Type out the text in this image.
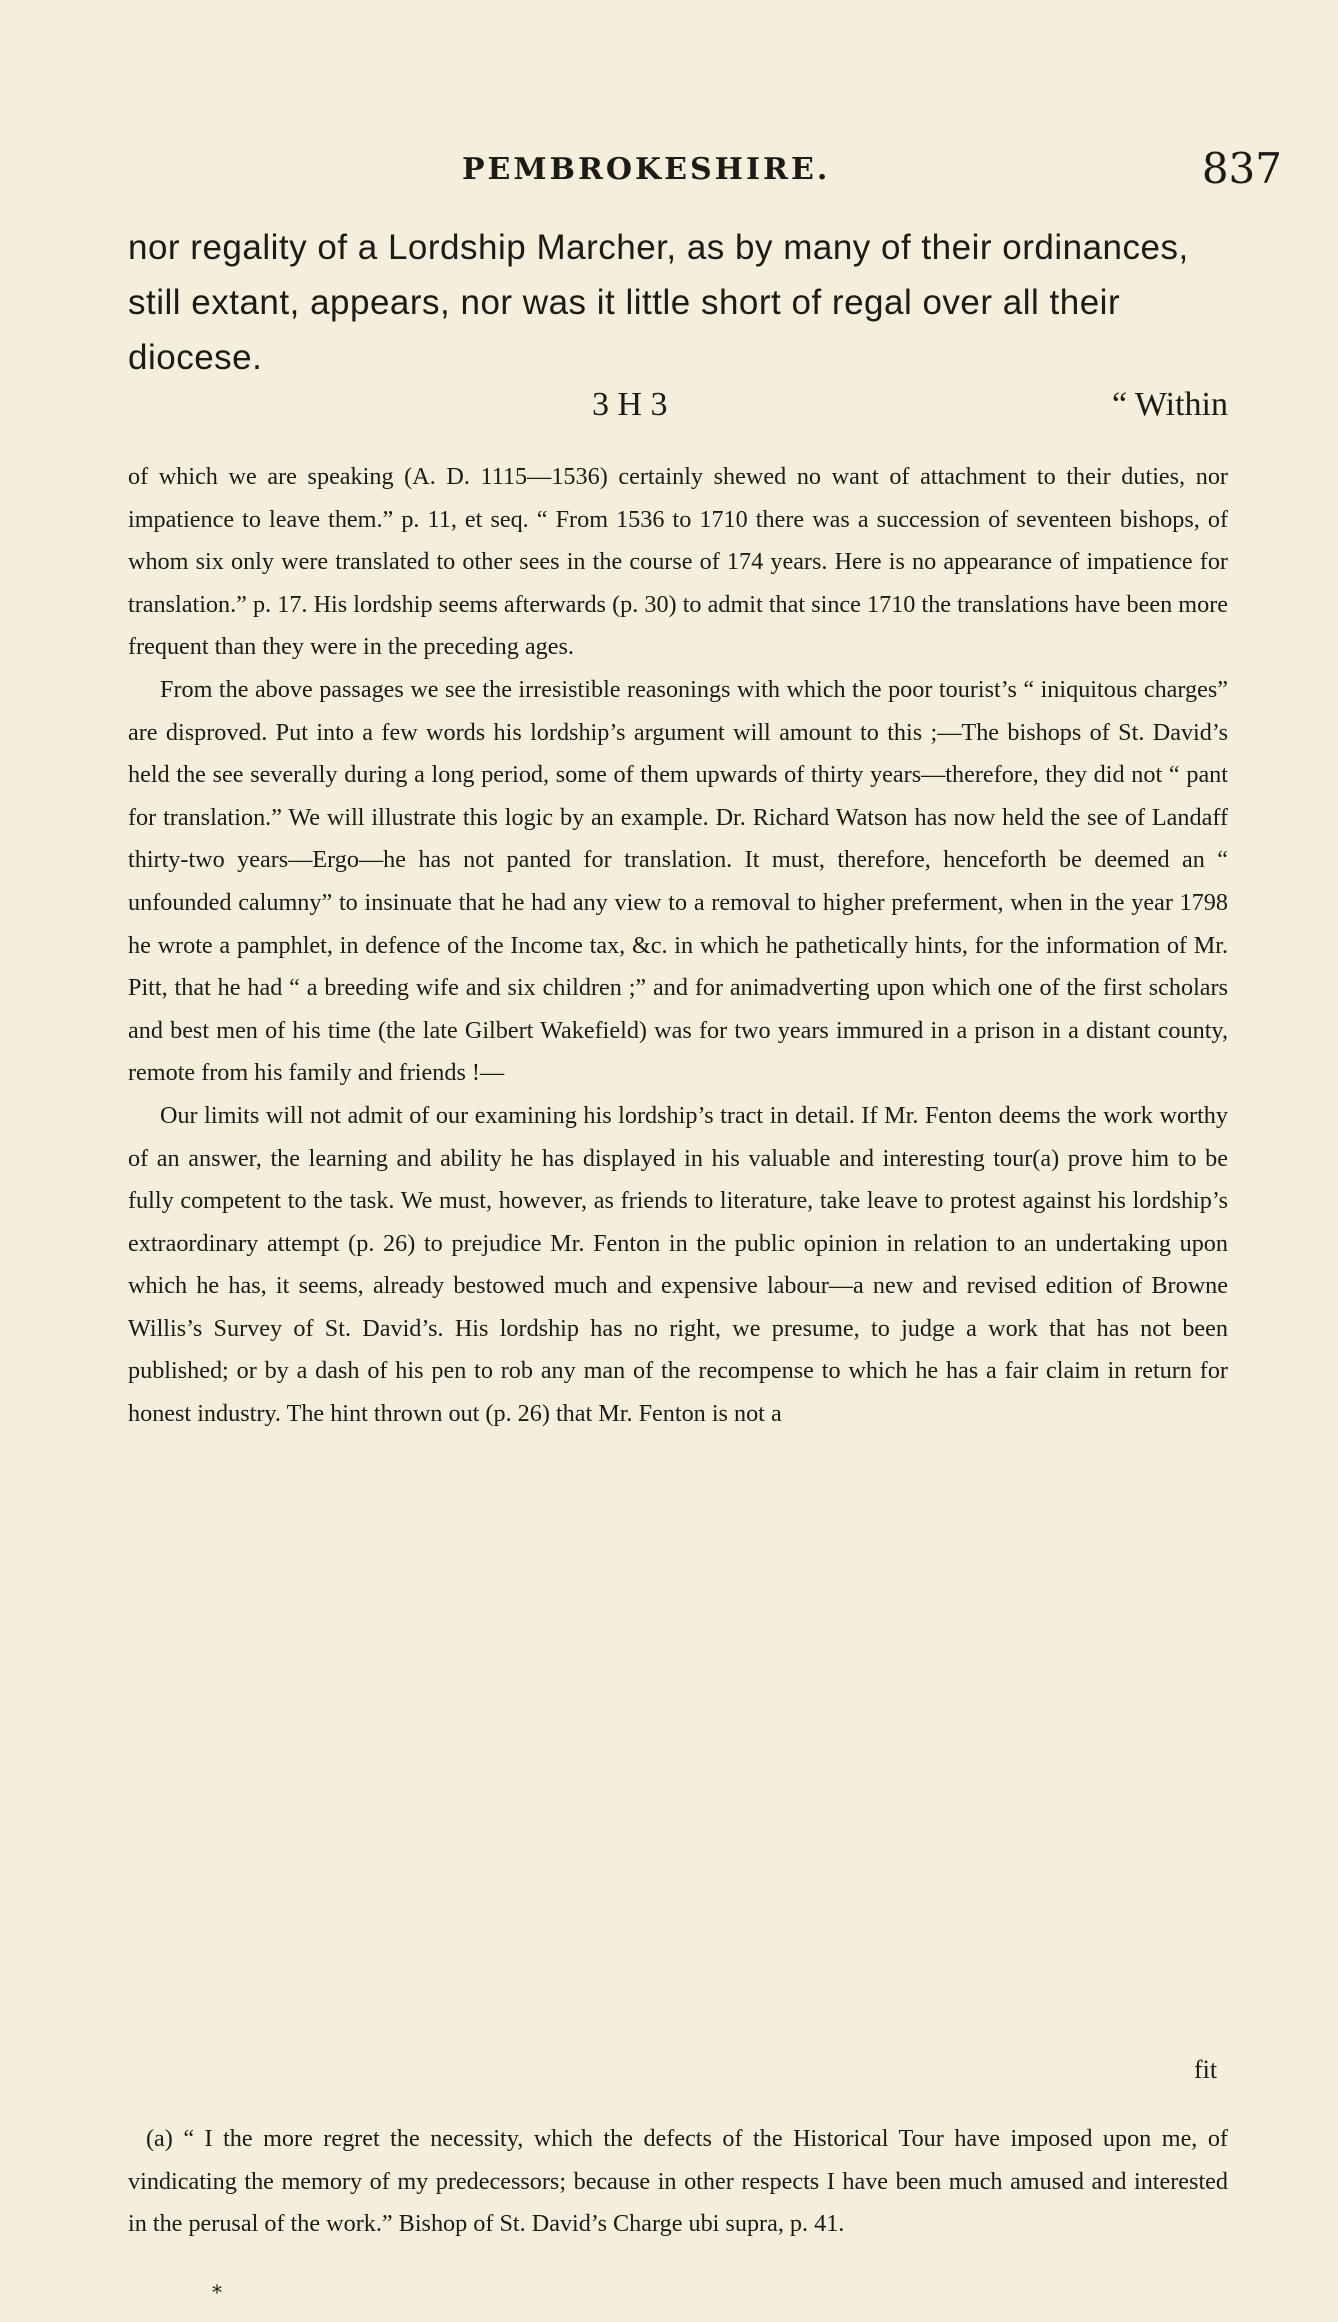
PEMBROKESHIRE.	837

nor regality of a Lordship Marcher, as by many of their ordinances, still extant, appears, nor was it little short of regal over all their diocese.

3 H 3	“ Within

of which we are speaking (A. D. 1115—1536) certainly shewed no want of attachment to their duties, nor impatience to leave them.” p. 11, et seq. “ From 1536 to 1710 there was a succession of seventeen bishops, of whom six only were translated to other sees in the course of 174 years. Here is no appearance of impatience for translation.” p. 17. His lordship seems afterwards (p. 30) to admit that since 1710 the translations have been more frequent than they were in the preceding ages.

From the above passages we see the irresistible reasonings with which the poor tourist’s “ iniquitous charges” are disproved. Put into a few words his lordship’s argument will amount to this ;—The bishops of St. David’s held the see severally during a long period, some of them upwards of thirty years—therefore, they did not “ pant for translation.” We will illustrate this logic by an example. Dr. Richard Watson has now held the see of Landaff thirty-two years—Ergo—he has not panted for translation. It must, therefore, henceforth be deemed an “ unfounded calumny” to insinuate that he had any view to a removal to higher preferment, when in the year 1798 he wrote a pamphlet, in defence of the Income tax, &c. in which he pathetically hints, for the information of Mr. Pitt, that he had “ a breeding wife and six children ;” and for animadverting upon which one of the first scholars and best men of his time (the late Gilbert Wakefield) was for two years immured in a prison in a distant county, remote from his family and friends !—

Our limits will not admit of our examining his lordship’s tract in detail. If Mr. Fenton deems the work worthy of an answer, the learning and ability he has displayed in his valuable and interesting tour(a) prove him to be fully competent to the task. We must, however, as friends to literature, take leave to protest against his lordship’s extraordinary attempt (p. 26) to prejudice Mr. Fenton in the public opinion in relation to an undertaking upon which he has, it seems, already bestowed much and expensive labour—a new and revised edition of Browne Willis’s Survey of St. David’s. His lordship has no right, we presume, to judge a work that has not been published; or by a dash of his pen to rob any man of the recompense to which he has a fair claim in return for honest industry. The hint thrown out (p. 26) that Mr. Fenton is not a

fit

(a) “ I the more regret the necessity, which the defects of the Historical Tour have imposed upon me, of vindicating the memory of my predecessors; because in other respects I have been much amused and interested in the perusal of the work.” Bishop of St. David’s Charge ubi supra, p. 41.

*
